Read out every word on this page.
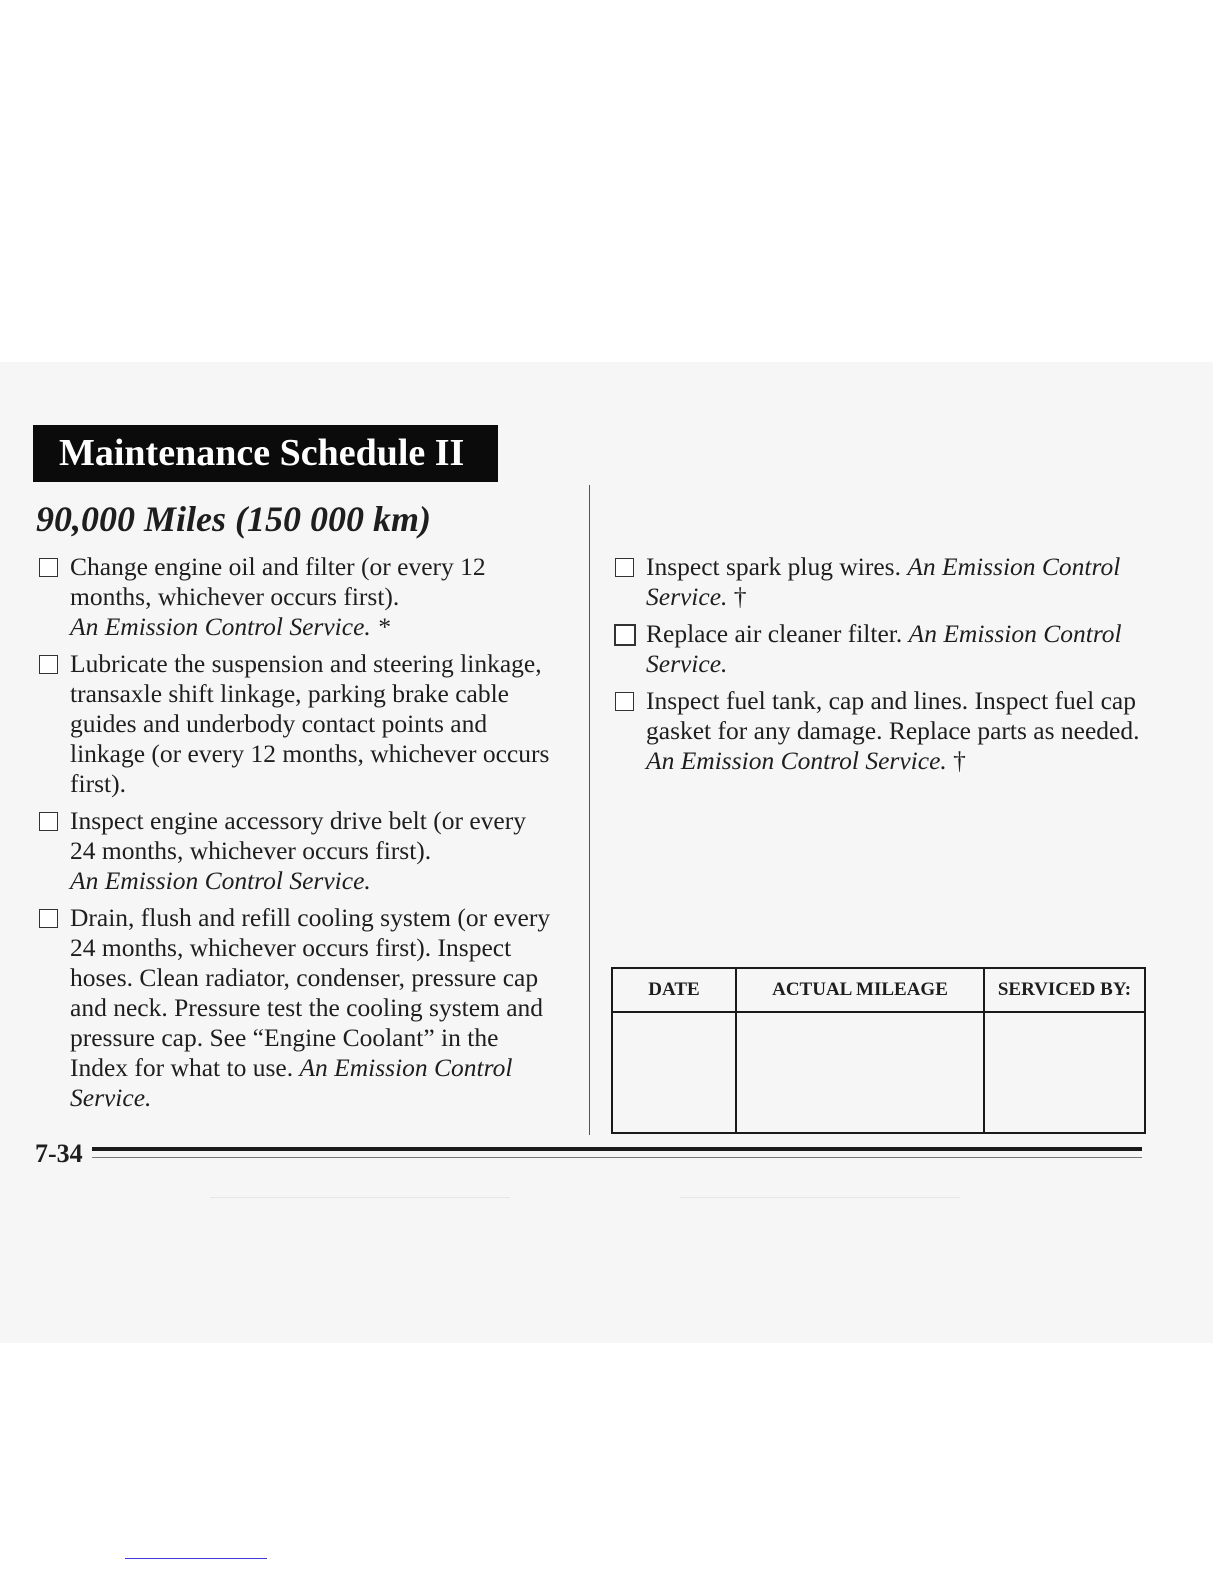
Maintenance Schedule II
90,000 Miles (150 000 km)
Change engine oil and filter (or every 12 months, whichever occurs first).
An Emission Control Service. *
Lubricate the suspension and steering linkage, transaxle shift linkage, parking brake cable guides and underbody contact points and linkage (or every 12 months, whichever occurs first).
Inspect engine accessory drive belt (or every 24 months, whichever occurs first).
An Emission Control Service.
Drain, flush and refill cooling system (or every 24 months, whichever occurs first). Inspect hoses. Clean radiator, condenser, pressure cap and neck. Pressure test the cooling system and pressure cap. See “Engine Coolant” in the Index for what to use. An Emission Control Service.
Inspect spark plug wires. An Emission Control Service. †
Replace air cleaner filter. An Emission Control Service.
Inspect fuel tank, cap and lines. Inspect fuel cap gasket for any damage. Replace parts as needed. An Emission Control Service. †
DATE	ACTUAL MILEAGE	SERVICED BY:

7-34
